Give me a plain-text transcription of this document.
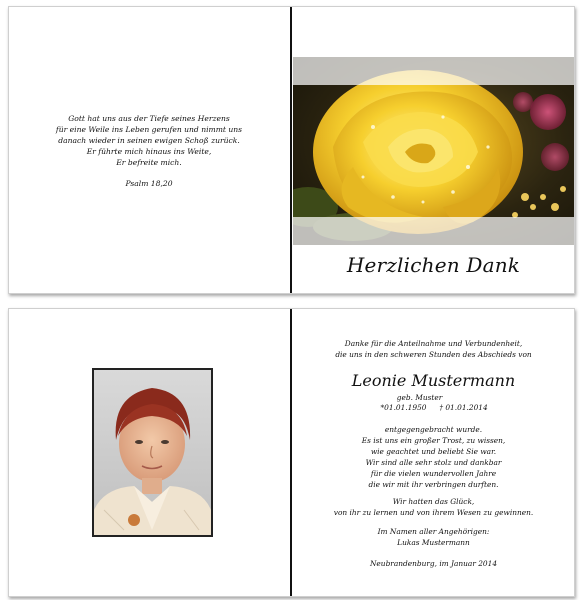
Gott hat uns aus der Tiefe seines Herzens
für eine Weile ins Leben gerufen und nimmt uns
danach wieder in seinen ewigen Schoß zurück.
Er führte mich hinaus ins Weite,
Er befreite mich.
Psalm 18,20
Herzlichen Dank
Danke für die Anteilnahme und Verbundenheit,
die uns in den schweren Stunden des Abschieds von
Leonie Mustermann
geb. Muster
*01.01.1950	† 01.01.2014
entgegengebracht wurde.
Es ist uns ein großer Trost, zu wissen,
wie geachtet und beliebt Sie war.
Wir sind alle sehr stolz und dankbar
für die vielen wundervollen Jahre
die wir mit ihr verbringen durften.
Wir hatten das Glück,
von ihr zu lernen und von ihrem Wesen zu gewinnen.
Im Namen aller Angehörigen:
Lukas Mustermann
Neubrandenburg, im Januar 2014
